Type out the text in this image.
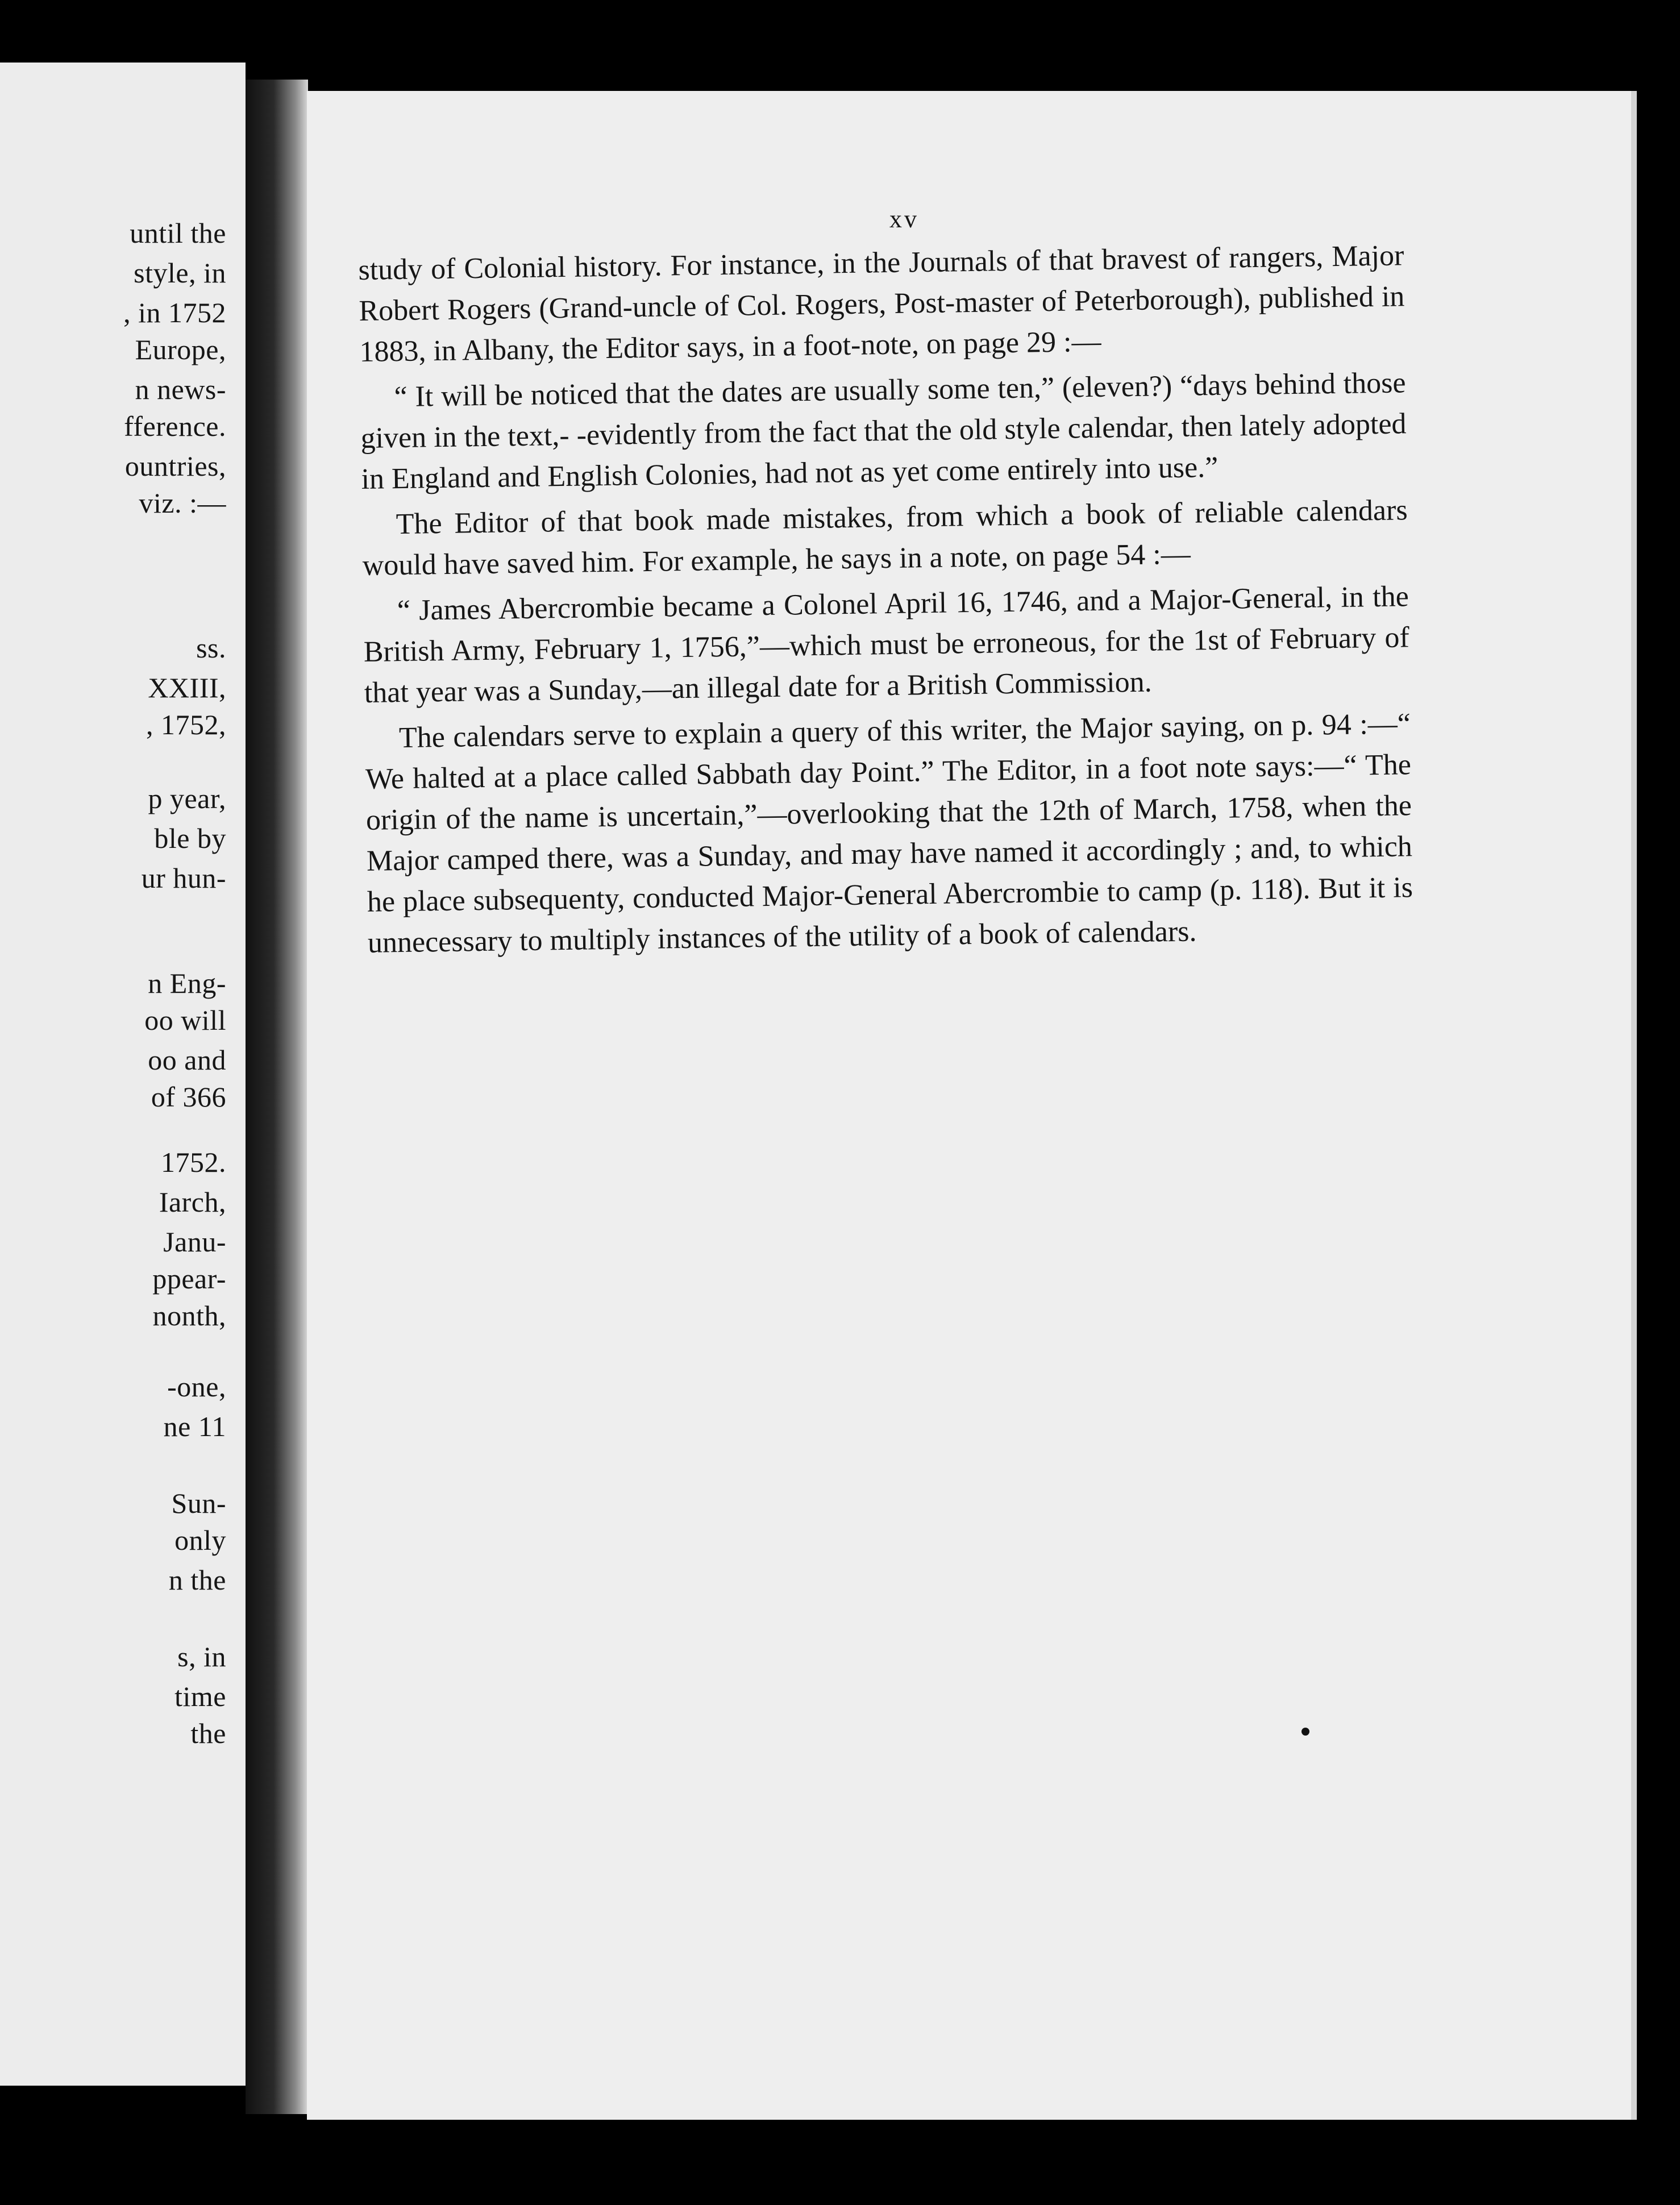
until the
style, in
, in 1752
Europe,
n news-
fference.
ountries,
viz. :—
ss.
XXIII,
, 1752,
p year,
ble by
ur hun-
n Eng-
oo will
oo and
of 366
1752.
Iarch,
Janu-
ppear-
nonth,
-one,
ne 11
Sun-
only
n the
s, in
time
the
xv

study of Colonial history. For instance, in the Journals of that bravest of rangers, Major Robert Rogers (Grand-uncle of Col. Rogers, Post-master of Peterborough), published in 1883, in Albany, the Editor says, in a foot-note, on page 29 :—

“ It will be noticed that the dates are usually some ten,” (eleven?) “days behind those given in the text,- -evidently from the fact that the old style calendar, then lately adopted in England and English Colonies, had not as yet come entirely into use.”

The Editor of that book made mistakes, from which a book of reliable calendars would have saved him. For example, he says in a note, on page 54 :—

“ James Abercrombie became a Colonel April 16, 1746, and a Major-General, in the British Army, February 1, 1756,”—which must be erroneous, for the 1st of February of that year was a Sunday,—an illegal date for a British Commission.

The calendars serve to explain a query of this writer, the Major saying, on p. 94 :—“ We halted at a place called Sabbath day Point.” The Editor, in a foot note says:—“ The origin of the name is uncertain,”—overlooking that the 12th of March, 1758, when the Major camped there, was a Sunday, and may have named it accordingly ; and, to which he place subsequenty, conducted Major-General Abercrombie to camp (p. 118). But it is unnecessary to multiply instances of the utility of a book of calendars.
